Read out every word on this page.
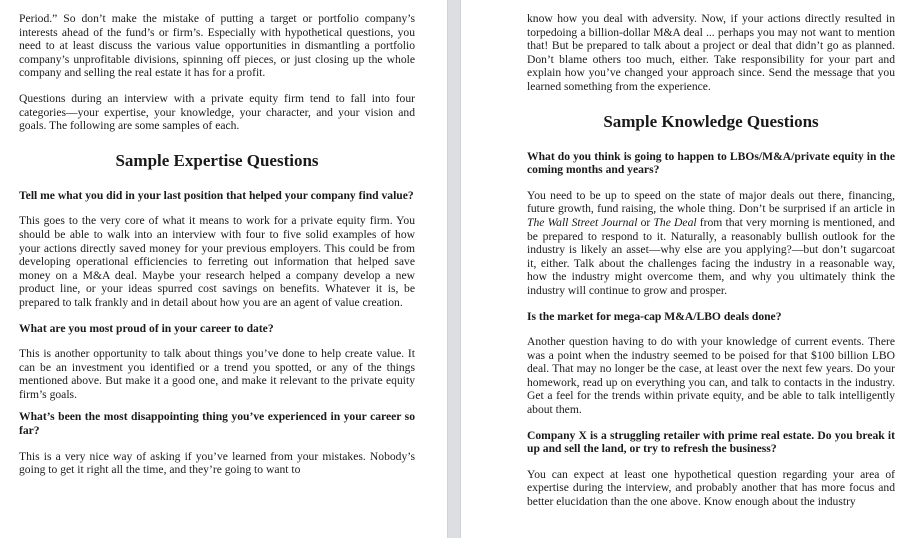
Period.” So don’t make the mistake of putting a target or portfolio company’s interests ahead of the fund’s or firm’s. Especially with hypothetical questions, you need to at least discuss the various value opportunities in dismantling a portfolio company’s unprofitable divisions, spinning off pieces, or just closing up the whole company and selling the real estate it has for a profit.

Questions during an interview with a private equity firm tend to fall into four categories—your expertise, your knowledge, your character, and your vision and goals. The following are some samples of each.

Sample Expertise Questions
Tell me what you did in your last position that helped your company find value?

This goes to the very core of what it means to work for a private equity firm. You should be able to walk into an interview with four to five solid examples of how your actions directly saved money for your previous employers. This could be from developing operational efficiencies to ferreting out information that helped save money on a M&A deal. Maybe your research helped a company develop a new product line, or your ideas spurred cost savings on benefits. Whatever it is, be prepared to talk frankly and in detail about how you are an agent of value creation.

What are you most proud of in your career to date?

This is another opportunity to talk about things you’ve done to help create value. It can be an investment you identified or a trend you spotted, or any of the things mentioned above. But make it a good one, and make it relevant to the private equity firm’s goals.

What’s been the most disappointing thing you’ve experienced in your career so far?

This is a very nice way of asking if you’ve learned from your mistakes. Nobody’s going to get it right all the time, and they’re going to want to

know how you deal with adversity. Now, if your actions directly resulted in torpedoing a billion-dollar M&A deal ... perhaps you may not want to mention that! But be prepared to talk about a project or deal that didn’t go as planned. Don’t blame others too much, either. Take responsibility for your part and explain how you’ve changed your approach since. Send the message that you learned something from the experience.

Sample Knowledge Questions
What do you think is going to happen to LBOs/M&A/private equity in the coming months and years?

You need to be up to speed on the state of major deals out there, financing, future growth, fund raising, the whole thing. Don’t be surprised if an article in The Wall Street Journal or The Deal from that very morning is mentioned, and be prepared to respond to it. Naturally, a reasonably bullish outlook for the industry is likely an asset—why else are you applying?—but don’t sugarcoat it, either. Talk about the challenges facing the industry in a reasonable way, how the industry might overcome them, and why you ultimately think the industry will continue to grow and prosper.

Is the market for mega-cap M&A/LBO deals done?

Another question having to do with your knowledge of current events. There was a point when the industry seemed to be poised for that $100 billion LBO deal. That may no longer be the case, at least over the next few years. Do your homework, read up on everything you can, and talk to contacts in the industry. Get a feel for the trends within private equity, and be able to talk intelligently about them.

Company X is a struggling retailer with prime real estate. Do you break it up and sell the land, or try to refresh the business?

You can expect at least one hypothetical question regarding your area of expertise during the interview, and probably another that has more focus and better elucidation than the one above. Know enough about the industry
